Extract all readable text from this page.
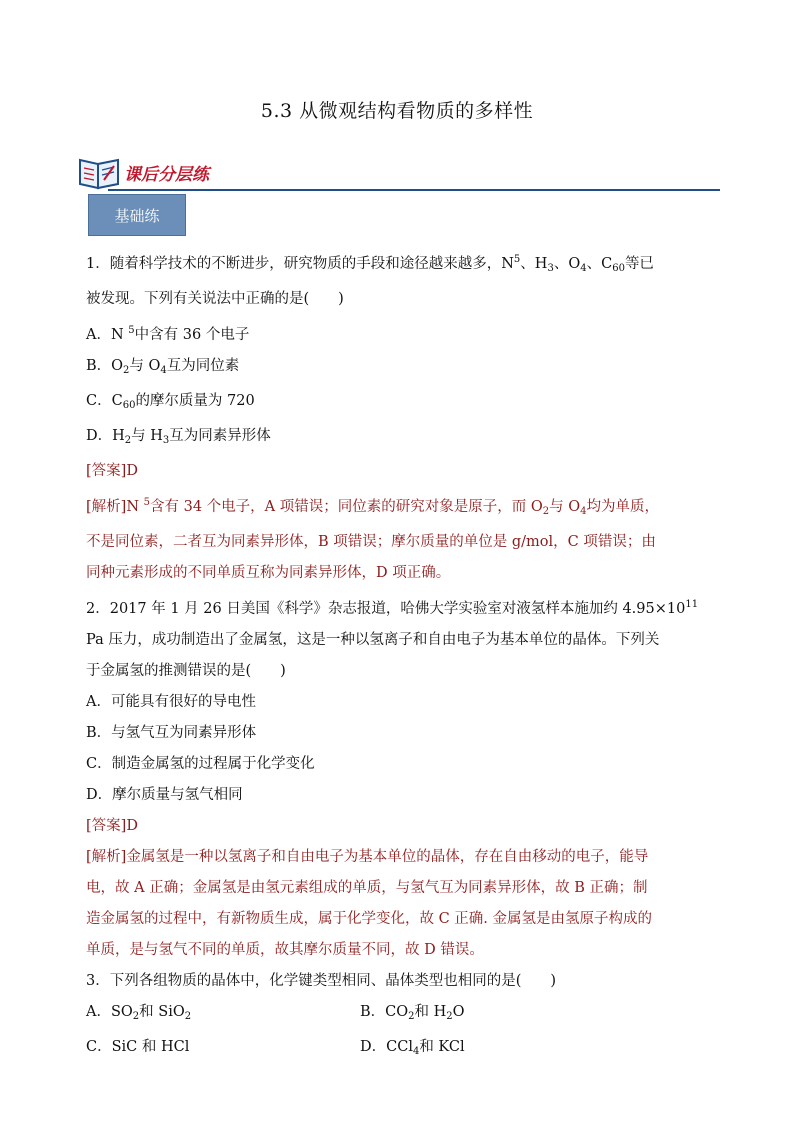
5.3 从微观结构看物质的多样性
课后分层练
基础练
1．随着科学技术的不断进步，研究物质的手段和途径越来越多，$N^5$、$H_3$、$O_4$、$C_{60}$等已
被发现。下列有关说法中正确的是(　　)
A．N $^5$中含有 36 个电子
B．$O_2$与 $O_4$互为同位素
C．$C_{60}$的摩尔质量为 720
D．$H_2$与 $H_3$互为同素异形体
[答案]D
[解析]N $^5$含有 34 个电子，A 项错误；同位素的研究对象是原子，而 $O_2$与 $O_4$均为单质，
不是同位素，二者互为同素异形体，B 项错误；摩尔质量的单位是 g/mol，C 项错误；由
同种元素形成的不同单质互称为同素异形体，D 项正确。
2．2017 年 1 月 26 日美国《科学》杂志报道，哈佛大学实验室对液氢样本施加约 $4.95\times 10^{11}$
Pa 压力，成功制造出了金属氢，这是一种以氢离子和自由电子为基本单位的晶体。下列关
于金属氢的推测错误的是(　　)
A．可能具有很好的导电性
B．与氢气互为同素异形体
C．制造金属氢的过程属于化学变化
D．摩尔质量与氢气相同
[答案]D
[解析]金属氢是一种以氢离子和自由电子为基本单位的晶体，存在自由移动的电子，能导
电，故 A 正确；金属氢是由氢元素组成的单质，与氢气互为同素异形体，故 B 正确；制
造金属氢的过程中，有新物质生成，属于化学变化，故 C 正确. 金属氢是由氢原子构成的
单质，是与氢气不同的单质，故其摩尔质量不同，故 D 错误。
3．下列各组物质的晶体中，化学键类型相同、晶体类型也相同的是(　　)
A．$SO_2$和 SiO$_2$	B．$CO_2$和 $H_2O$
C．SiC 和 HCl	D．CCl$_4$和 KCl
